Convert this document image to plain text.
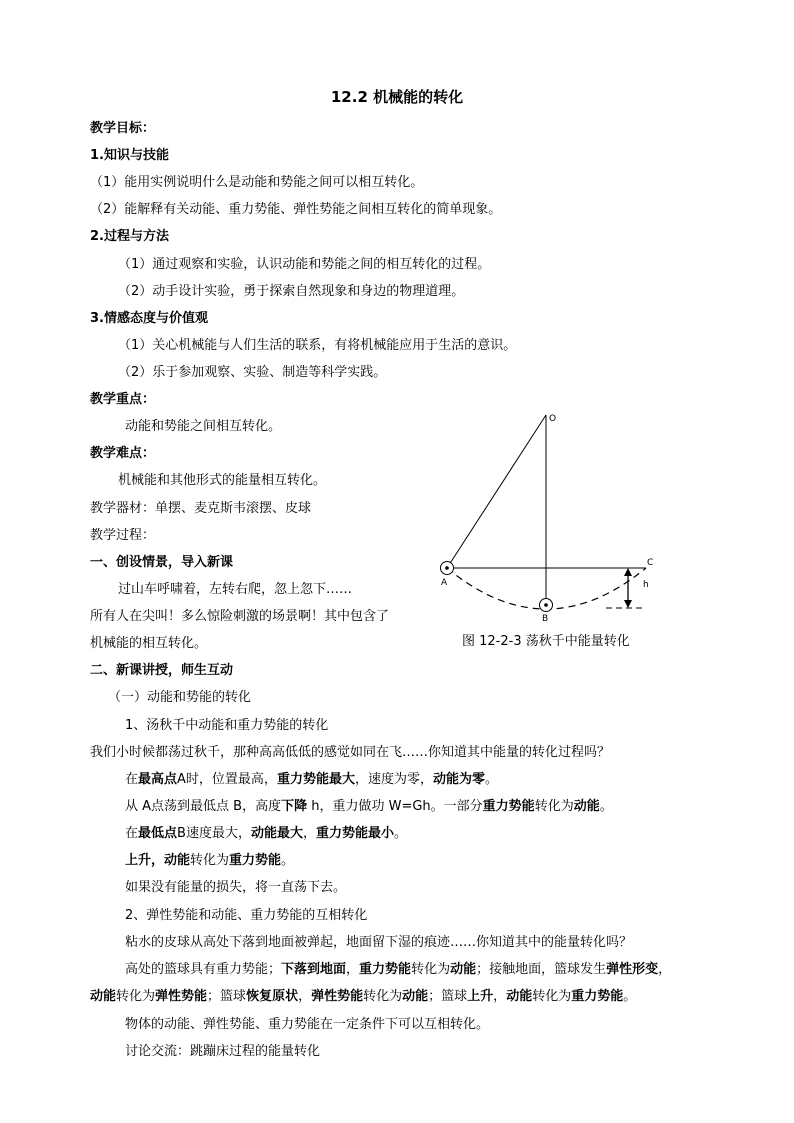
12.2 机械能的转化
教学目标：
1.知识与技能
（1）能用实例说明什么是动能和势能之间可以相互转化。
（2）能解释有关动能、重力势能、弹性势能之间相互转化的简单现象。
2.过程与方法
（1）通过观察和实验，认识动能和势能之间的相互转化的过程。
（2）动手设计实验，勇于探索自然现象和身边的物理道理。
3.情感态度与价值观
（1）关心机械能与人们生活的联系，有将机械能应用于生活的意识。
（2）乐于参加观察、实验、制造等科学实践。
教学重点：
动能和势能之间相互转化。
教学难点：
机械能和其他形式的能量相互转化。
教学器材：单摆、麦克斯韦滚摆、皮球
教学过程：
一、创设情景，导入新课
过山车呼啸着，左转右爬，忽上忽下……
所有人在尖叫！多么惊险刺激的场景啊！其中包含了
机械能的相互转化。
O
A
B
C
h
图 12-2-3 荡秋千中能量转化
二、新课讲授，师生互动
（一）动能和势能的转化
1、汤秋千中动能和重力势能的转化
我们小时候都荡过秋千，那种高高低低的感觉如同在飞……你知道其中能量的转化过程吗？
在最高点A时，位置最高，重力势能最大，速度为零，动能为零。
从 A点荡到最低点 B，高度下降 h，重力做功 W=Gh。一部分重力势能转化为动能。
在最低点B速度最大，动能最大，重力势能最小。
上升，动能转化为重力势能。
如果没有能量的损失，将一直荡下去。
2、弹性势能和动能、重力势能的互相转化
粘水的皮球从高处下落到地面被弹起，地面留下湿的痕迹……你知道其中的能量转化吗？
高处的篮球具有重力势能；下落到地面，重力势能转化为动能；接触地面，篮球发生弹性形变，
动能转化为弹性势能；篮球恢复原状，弹性势能转化为动能；篮球上升，动能转化为重力势能。
物体的动能、弹性势能、重力势能在一定条件下可以互相转化。
讨论交流：跳蹦床过程的能量转化
